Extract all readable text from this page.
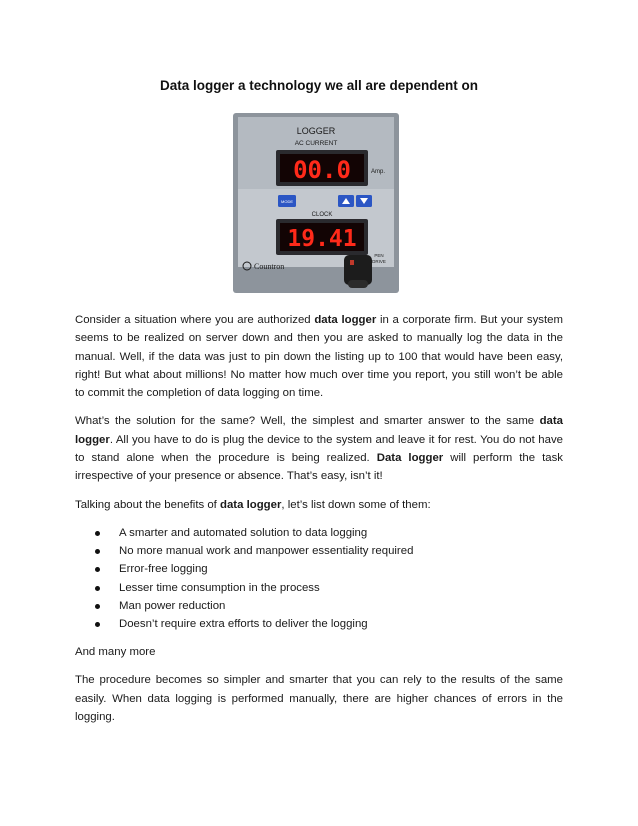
Data logger a technology we all are dependent on
LOGGER
AC CURRENT
00.0	Amp.
MODE
CLOCK
19.41
Countron
PEN
DRIVE

Consider a situation where you are authorized data logger in a corporate firm. But your system seems to be realized on server down and then you are asked to manually log the data in the manual. Well, if the data was just to pin down the listing up to 100 that would have been easy, right! But what about millions! No matter how much over time you report, you still won’t be able to commit the completion of data logging on time.

What’s the solution for the same? Well, the simplest and smarter answer to the same data logger. All you have to do is plug the device to the system and leave it for rest. You do not have to stand alone when the procedure is being realized. Data logger will perform the task irrespective of your presence or absence. That’s easy, isn’t it!

Talking about the benefits of data logger, let’s list down some of them:

A smarter and automated solution to data logging
No more manual work and manpower essentiality required
Error-free logging
Lesser time consumption in the process
Man power reduction
Doesn’t require extra efforts to deliver the logging

And many more

The procedure becomes so simpler and smarter that you can rely to the results of the same easily. When data logging is performed manually, there are higher chances of errors in the logging.
